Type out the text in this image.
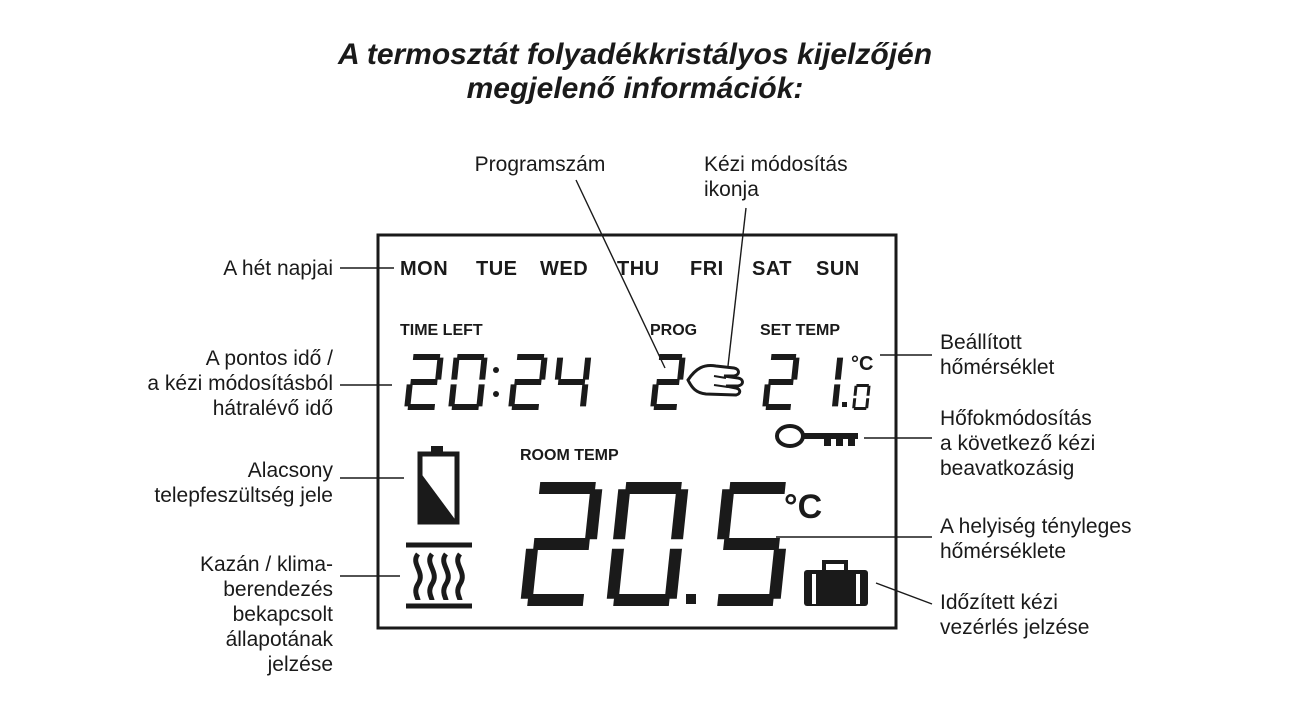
A termosztát folyadékkristályos kijelzőjén
megjelenő információk:
Programszám	Kézi módosítás
ikonja
A hét napjai
A pontos idő /
a kézi módosításból
hátralévő idő
Alacsony
telepfeszültség jele
Kazán / klima-
berendezés
bekapcsolt
állapotának
jelzése
Beállított
hőmérséklet
Hőfokmódosítás
a következő kézi
beavatkozásig
A helyiség tényleges
hőmérséklete
Időzített kézi
vezérlés jelzése
MON TUE WED THU FRI SAT SUN
TIME LEFT	PROG	SET TEMP
ROOM TEMP
°C
°C
